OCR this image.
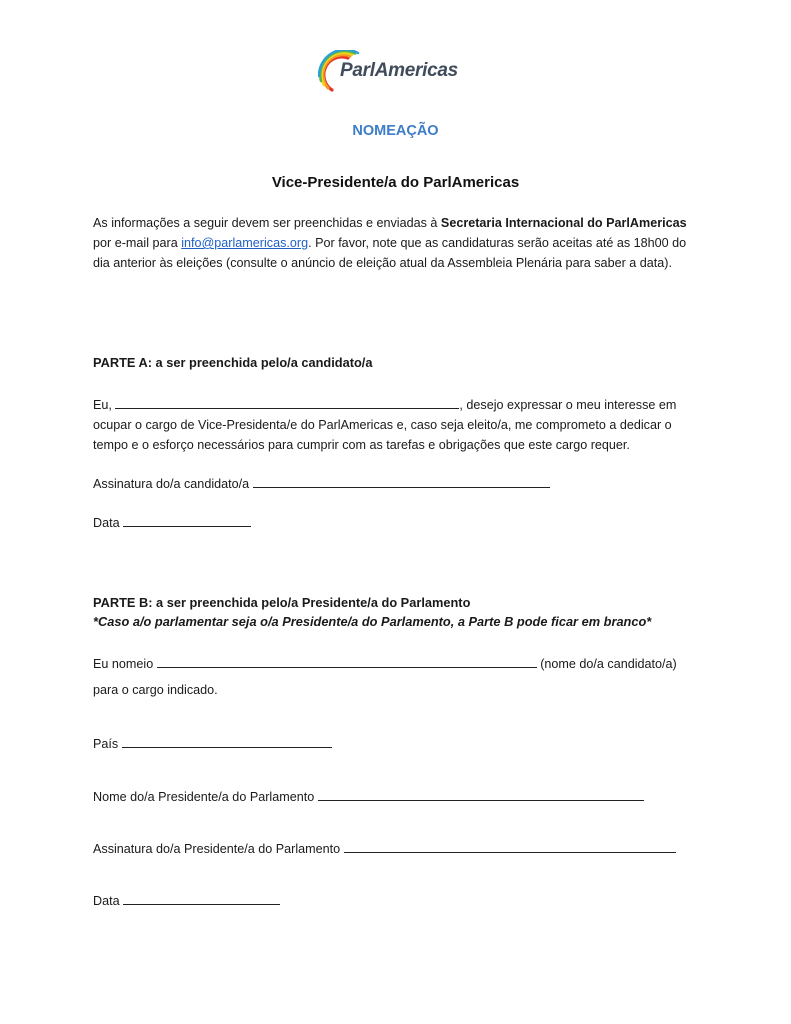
ParlAmericas
NOMEAÇÃO
Vice-Presidente/a do ParlAmericas
As informações a seguir devem ser preenchidas e enviadas à Secretaria Internacional do ParlAmericas por e-mail para info@parlamericas.org. Por favor, note que as candidaturas serão aceitas até as 18h00 do dia anterior às eleições (consulte o anúncio de eleição atual da Assembleia Plenária para saber a data).
PARTE A: a ser preenchida pelo/a candidato/a
Eu,	, desejo expressar o meu interesse em ocupar o cargo de Vice-Presidenta/e do ParlAmericas e, caso seja eleito/a, me comprometo a dedicar o tempo e o esforço necessários para cumprir com as tarefas e obrigações que este cargo requer.
Assinatura do/a candidato/a
Data
PARTE B: a ser preenchida pelo/a Presidente/a do Parlamento
*Caso a/o parlamentar seja o/a Presidente/a do Parlamento, a Parte B pode ficar em branco*
Eu nomeio	(nome do/a candidato/a)
para o cargo indicado.
País
Nome do/a Presidente/a do Parlamento
Assinatura do/a Presidente/a do Parlamento
Data
